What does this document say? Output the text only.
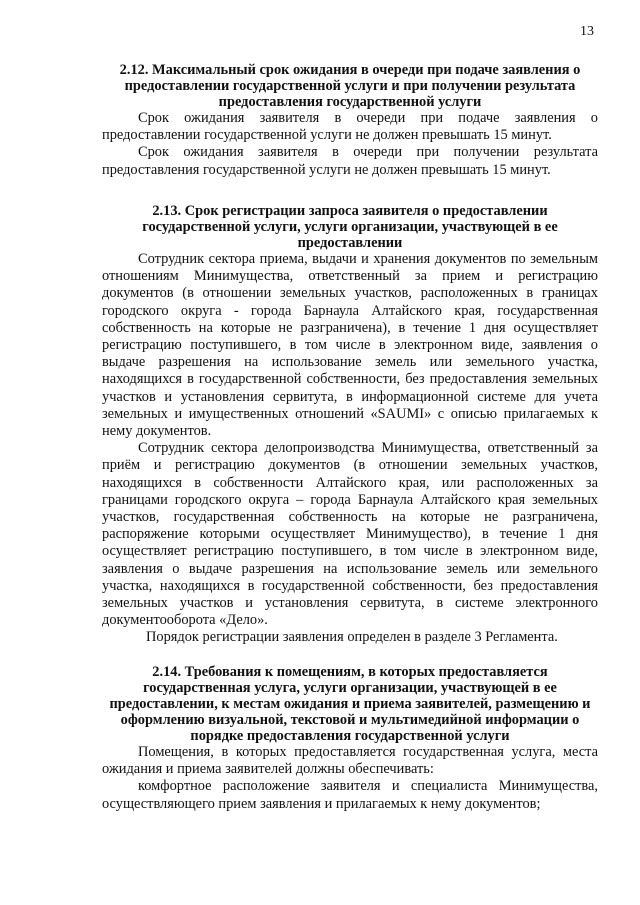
13

2.12. Максимальный срок ожидания в очереди при подаче заявления о предоставлении государственной услуги и при получении результата предоставления государственной услуги

Срок ожидания заявителя в очереди при подаче заявления о предоставлении государственной услуги не должен превышать 15 минут.

Срок ожидания заявителя в очереди при получении результата предоставления государственной услуги не должен превышать 15 минут.

2.13. Срок регистрации запроса заявителя о предоставлении государственной услуги, услуги организации, участвующей в ее предоставлении

Сотрудник сектора приема, выдачи и хранения документов по земельным отношениям Минимущества, ответственный за прием и регистрацию документов (в отношении земельных участков, расположенных в границах городского округа - города Барнаула Алтайского края, государственная собственность на которые не разграничена), в течение 1 дня осуществляет регистрацию поступившего, в том числе в электронном виде, заявления о выдаче разрешения на использование земель или земельного участка, находящихся в государственной собственности, без предоставления земельных участков и установления сервитута, в информационной системе для учета земельных и имущественных отношений «SAUMI» с описью прилагаемых к нему документов.

Сотрудник сектора делопроизводства Минимущества, ответственный за приём и регистрацию документов (в отношении земельных участков, находящихся в собственности Алтайского края, или расположенных за границами городского округа – города Барнаула Алтайского края земельных участков, государственная собственность на которые не разграничена, распоряжение которыми осуществляет Минимущество), в течение 1 дня осуществляет регистрацию поступившего, в том числе в электронном виде, заявления о выдаче разрешения на использование земель или земельного участка, находящихся в государственной собственности, без предоставления земельных участков и установления сервитута, в системе электронного документооборота «Дело».

Порядок регистрации заявления определен в разделе 3 Регламента.

2.14. Требования к помещениям, в которых предоставляется государственная услуга, услуги организации, участвующей в ее предоставлении, к местам ожидания и приема заявителей, размещению и оформлению визуальной, текстовой и мультимедийной информации о порядке предоставления государственной услуги

Помещения, в которых предоставляется государственная услуга, места ожидания и приема заявителей должны обеспечивать:

комфортное расположение заявителя и специалиста Минимущества, осуществляющего прием заявления и прилагаемых к нему документов;
